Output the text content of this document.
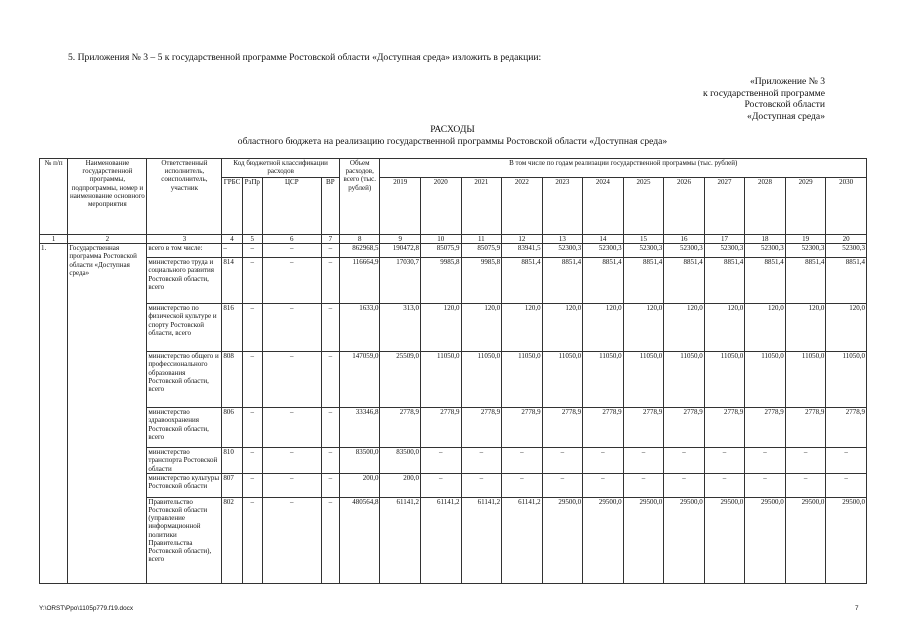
5. Приложения № 3 – 5 к государственной программе Ростовской области «Доступная среда» изложить в редакции:
«Приложение № 3
к государственной программе
Ростовской области
«Доступная среда»
РАСХОДЫ
областного бюджета на реализацию государственной программы Ростовской области «Доступная среда»
№ п/п	Наименование государственной программы, подпрограммы, номер и наименование основного мероприятия	Ответственный исполнитель, соисполнитель, участник	Код бюджетной классификации расходов				Объем расходов, всего (тыс. рублей)	В том числе по годам реализации государственной программы (тыс. рублей)											
			ГРБС	РзПр	ЦСР	ВР		2019	2020	2021	2022	2023	2024	2025	2026	2027	2028	2029	2030
1	2	3	4	5	6	7	8	9	10	11	12	13	14	15	16	17	18	19	20
1.	Государственная программа Ростовской области «Доступная среда»	всего в том числе:	–	–	–	–	862968,5	190472,8	85075,9	85075,9	83941,5	52300,3	52300,3	52300,3	52300,3	52300,3	52300,3	52300,3	52300,3
		министерство труда и социального развития Ростовской области, всего	814	–	–	–	116664,9	17030,7	9985,8	9985,8	8851,4	8851,4	8851,4	8851,4	8851,4	8851,4	8851,4	8851,4	8851,4
		министерство по физической культуре и спорту Ростовской области, всего	816	–	–	–	1633,0	313,0	120,0	120,0	120,0	120,0	120,0	120,0	120,0	120,0	120,0	120,0	120,0
		министерство общего и профессионального образования Ростовской области, всего	808	–	–	–	147059,0	25509,0	11050,0	11050,0	11050,0	11050,0	11050,0	11050,0	11050,0	11050,0	11050,0	11050,0	11050,0
		министерство здравоохранения Ростовской области, всего	806	–	–	–	33346,8	2778,9	2778,9	2778,9	2778,9	2778,9	2778,9	2778,9	2778,9	2778,9	2778,9	2778,9	2778,9
		министерство транспорта Ростовской области	810	–	–	–	83500,0	83500,0	–	–	–	–	–	–	–	–	–	–	–
		министерство культуры Ростовской области	807	–	–	–	200,0	200,0	–	–	–	–	–	–	–	–	–	–	–
		Правительство Ростовской области (управление информационной политики Правительства Ростовской области), всего	802	–	–	–	480564,8	61141,2	61141,2	61141,2	61141,2	29500,0	29500,0	29500,0	29500,0	29500,0	29500,0	29500,0	29500,0
Y:\ORST\Ppo\1105p779.f19.docx	7
